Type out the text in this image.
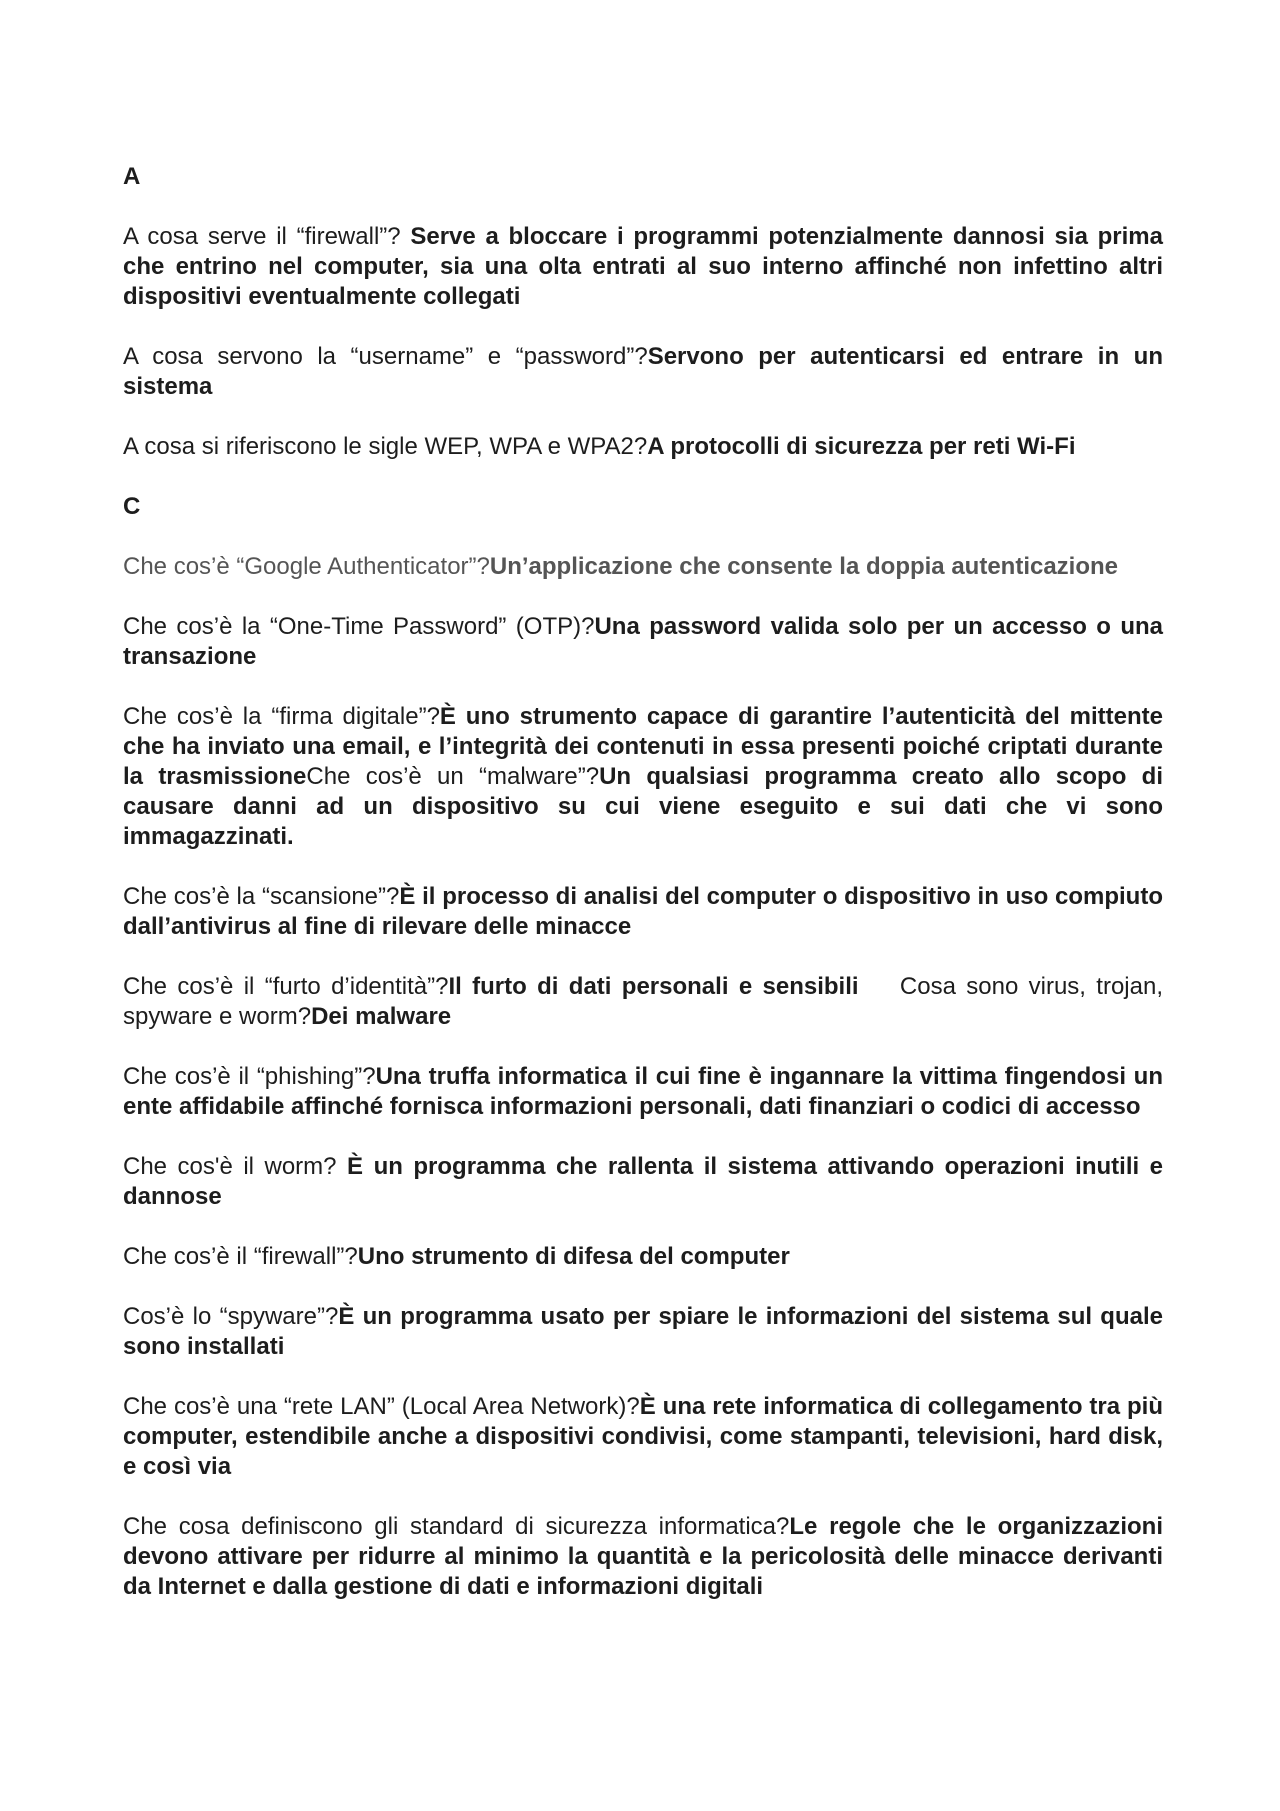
A

A cosa serve il “firewall”? Serve a bloccare i programmi potenzialmente dannosi sia prima che entrino nel computer, sia una olta entrati al suo interno affinché non infettino altri dispositivi eventualmente collegati

A cosa servono la “username” e “password”?Servono per autenticarsi ed entrare in un sistema

A cosa si riferiscono le sigle WEP, WPA e WPA2?A protocolli di sicurezza per reti Wi-Fi

C

Che cos’è “Google Authenticator”?Un’applicazione che consente la doppia autenticazione

Che cos’è la “One-Time Password” (OTP)?Una password valida solo per un accesso o una transazione

Che cos’è la “firma digitale”?È uno strumento capace di garantire l’autenticità del mittente che ha inviato una email, e l’integrità dei contenuti in essa presenti poiché criptati durante la trasmissioneChe cos’è un “malware”?Un qualsiasi programma creato allo scopo di causare danni ad un dispositivo su cui viene eseguito e sui dati che vi sono immagazzinati.

Che cos’è la “scansione”?È il processo di analisi del computer o dispositivo in uso compiuto dall’antivirus al fine di rilevare delle minacce

Che cos’è il “furto d’identità”?Il furto di dati personali e sensibili Cosa sono virus, trojan, spyware e worm?Dei malware

Che cos’è il “phishing”?Una truffa informatica il cui fine è ingannare la vittima fingendosi un ente affidabile affinché fornisca informazioni personali, dati finanziari o codici di accesso

Che cos'è il worm? È un programma che rallenta il sistema attivando operazioni inutili e dannose

Che cos’è il “firewall”?Uno strumento di difesa del computer

Cos’è lo “spyware”?È un programma usato per spiare le informazioni del sistema sul quale sono installati

Che cos’è una “rete LAN” (Local Area Network)?È una rete informatica di collegamento tra più computer, estendibile anche a dispositivi condivisi, come stampanti, televisioni, hard disk, e così via

Che cosa definiscono gli standard di sicurezza informatica?Le regole che le organizzazioni devono attivare per ridurre al minimo la quantità e la pericolosità delle minacce derivanti da Internet e dalla gestione di dati e informazioni digitali
